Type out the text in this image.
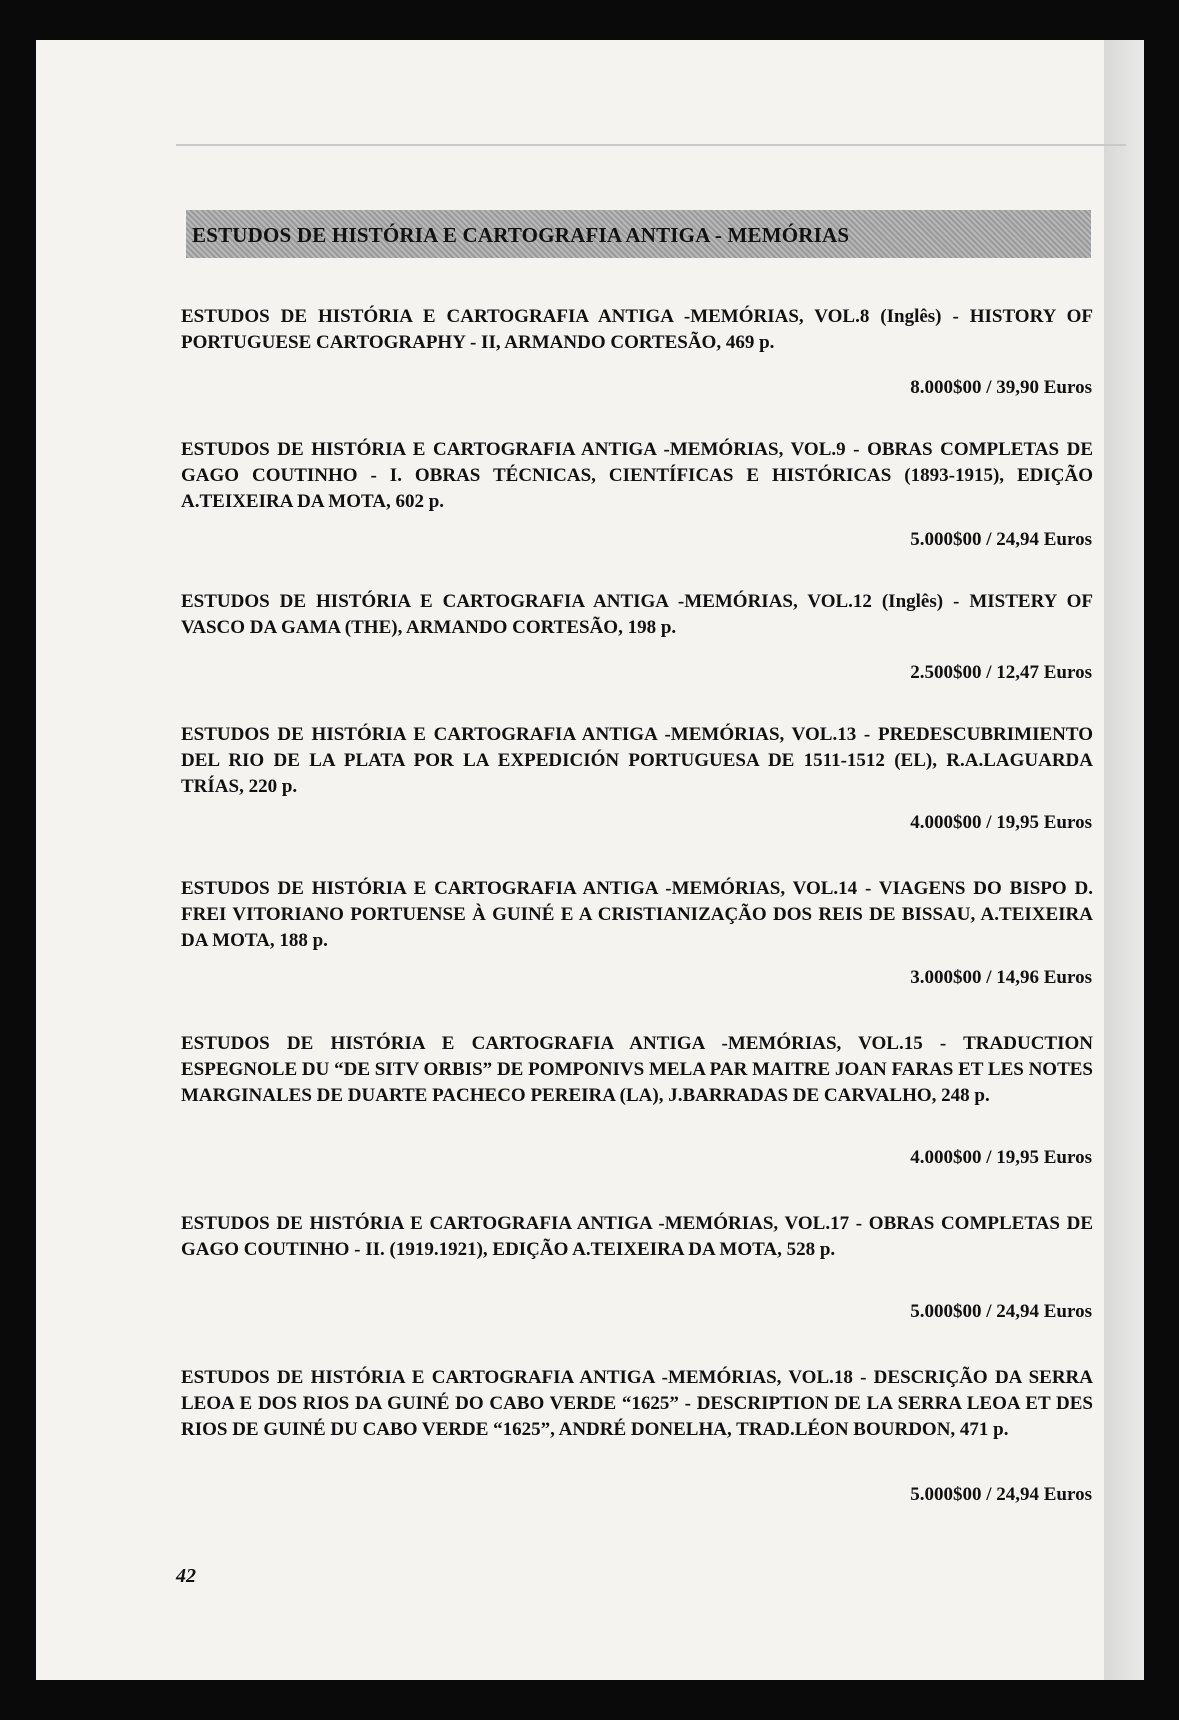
ESTUDOS DE HISTÓRIA E CARTOGRAFIA ANTIGA - MEMÓRIAS
ESTUDOS DE HISTÓRIA E CARTOGRAFIA ANTIGA -MEMÓRIAS, VOL.8 (Inglês) - HISTORY OF PORTUGUESE CARTOGRAPHY - II, ARMANDO CORTESÃO, 469 p.
8.000$00 / 39,90 Euros
ESTUDOS DE HISTÓRIA E CARTOGRAFIA ANTIGA -MEMÓRIAS, VOL.9 - OBRAS COMPLETAS DE GAGO COUTINHO - I. OBRAS TÉCNICAS, CIENTÍFICAS E HISTÓRICAS (1893-1915), EDIÇÃO A.TEIXEIRA DA MOTA, 602 p.
5.000$00 / 24,94 Euros
ESTUDOS DE HISTÓRIA E CARTOGRAFIA ANTIGA -MEMÓRIAS, VOL.12 (Inglês) - MISTERY OF VASCO DA GAMA (THE), ARMANDO CORTESÃO, 198 p.
2.500$00 / 12,47 Euros
ESTUDOS DE HISTÓRIA E CARTOGRAFIA ANTIGA -MEMÓRIAS, VOL.13 - PREDESCUBRIMIENTO DEL RIO DE LA PLATA POR LA EXPEDICIÓN PORTUGUESA DE 1511-1512 (EL), R.A.LAGUARDA TRÍAS, 220 p.
4.000$00 / 19,95 Euros
ESTUDOS DE HISTÓRIA E CARTOGRAFIA ANTIGA -MEMÓRIAS, VOL.14 - VIAGENS DO BISPO D. FREI VITORIANO PORTUENSE À GUINÉ E A CRISTIANIZAÇÃO DOS REIS DE BISSAU, A.TEIXEIRA DA MOTA, 188 p.
3.000$00 / 14,96 Euros
ESTUDOS DE HISTÓRIA E CARTOGRAFIA ANTIGA -MEMÓRIAS, VOL.15 - TRADUCTION ESPEGNOLE DU “DE SITV ORBIS” DE POMPONIVS MELA PAR MAITRE JOAN FARAS ET LES NOTES MARGINALES DE DUARTE PACHECO PEREIRA (LA), J.BARRADAS DE CARVALHO, 248 p.
4.000$00 / 19,95 Euros
ESTUDOS DE HISTÓRIA E CARTOGRAFIA ANTIGA -MEMÓRIAS, VOL.17 - OBRAS COMPLETAS DE GAGO COUTINHO - II. (1919.1921), EDIÇÃO A.TEIXEIRA DA MOTA, 528 p.
5.000$00 / 24,94 Euros
ESTUDOS DE HISTÓRIA E CARTOGRAFIA ANTIGA -MEMÓRIAS, VOL.18 - DESCRIÇÃO DA SERRA LEOA E DOS RIOS DA GUINÉ DO CABO VERDE “1625” - DESCRIPTION DE LA SERRA LEOA ET DES RIOS DE GUINÉ DU CABO VERDE “1625”, ANDRÉ DONELHA, TRAD.LÉON BOURDON, 471 p.
5.000$00 / 24,94 Euros
42
